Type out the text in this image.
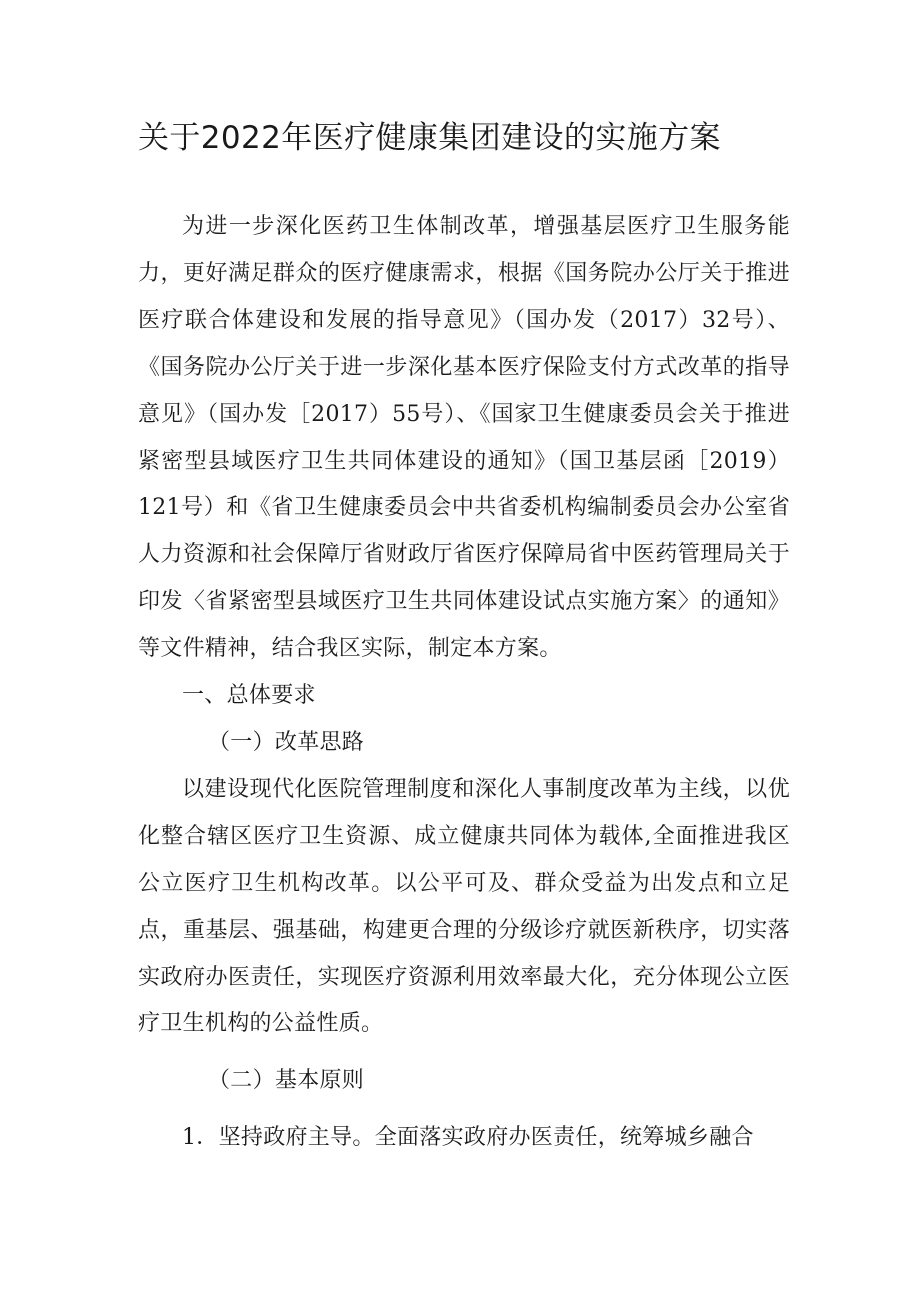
关于2022年医疗健康集团建设的实施方案

为进一步深化医药卫生体制改革，增强基层医疗卫生服务能力，更好满足群众的医疗健康需求，根据《国务院办公厅关于推进医疗联合体建设和发展的指导意见》（国办发（2017）32号）、《国务院办公厅关于进一步深化基本医疗保险支付方式改革的指导意见》（国办发［2017）55号）、《国家卫生健康委员会关于推进紧密型县域医疗卫生共同体建设的通知》（国卫基层函［2019）121号）和《省卫生健康委员会中共省委机构编制委员会办公室省人力资源和社会保障厅省财政厅省医疗保障局省中医药管理局关于印发〈省紧密型县域医疗卫生共同体建设试点实施方案〉的通知》等文件精神，结合我区实际，制定本方案。

一、总体要求

（一）改革思路

以建设现代化医院管理制度和深化人事制度改革为主线，以优化整合辖区医疗卫生资源、成立健康共同体为载体,全面推进我区公立医疗卫生机构改革。以公平可及、群众受益为出发点和立足点，重基层、强基础，构建更合理的分级诊疗就医新秩序，切实落实政府办医责任，实现医疗资源利用效率最大化，充分体现公立医疗卫生机构的公益性质。

（二）基本原则

1．坚持政府主导。全面落实政府办医责任，统筹城乡融合
